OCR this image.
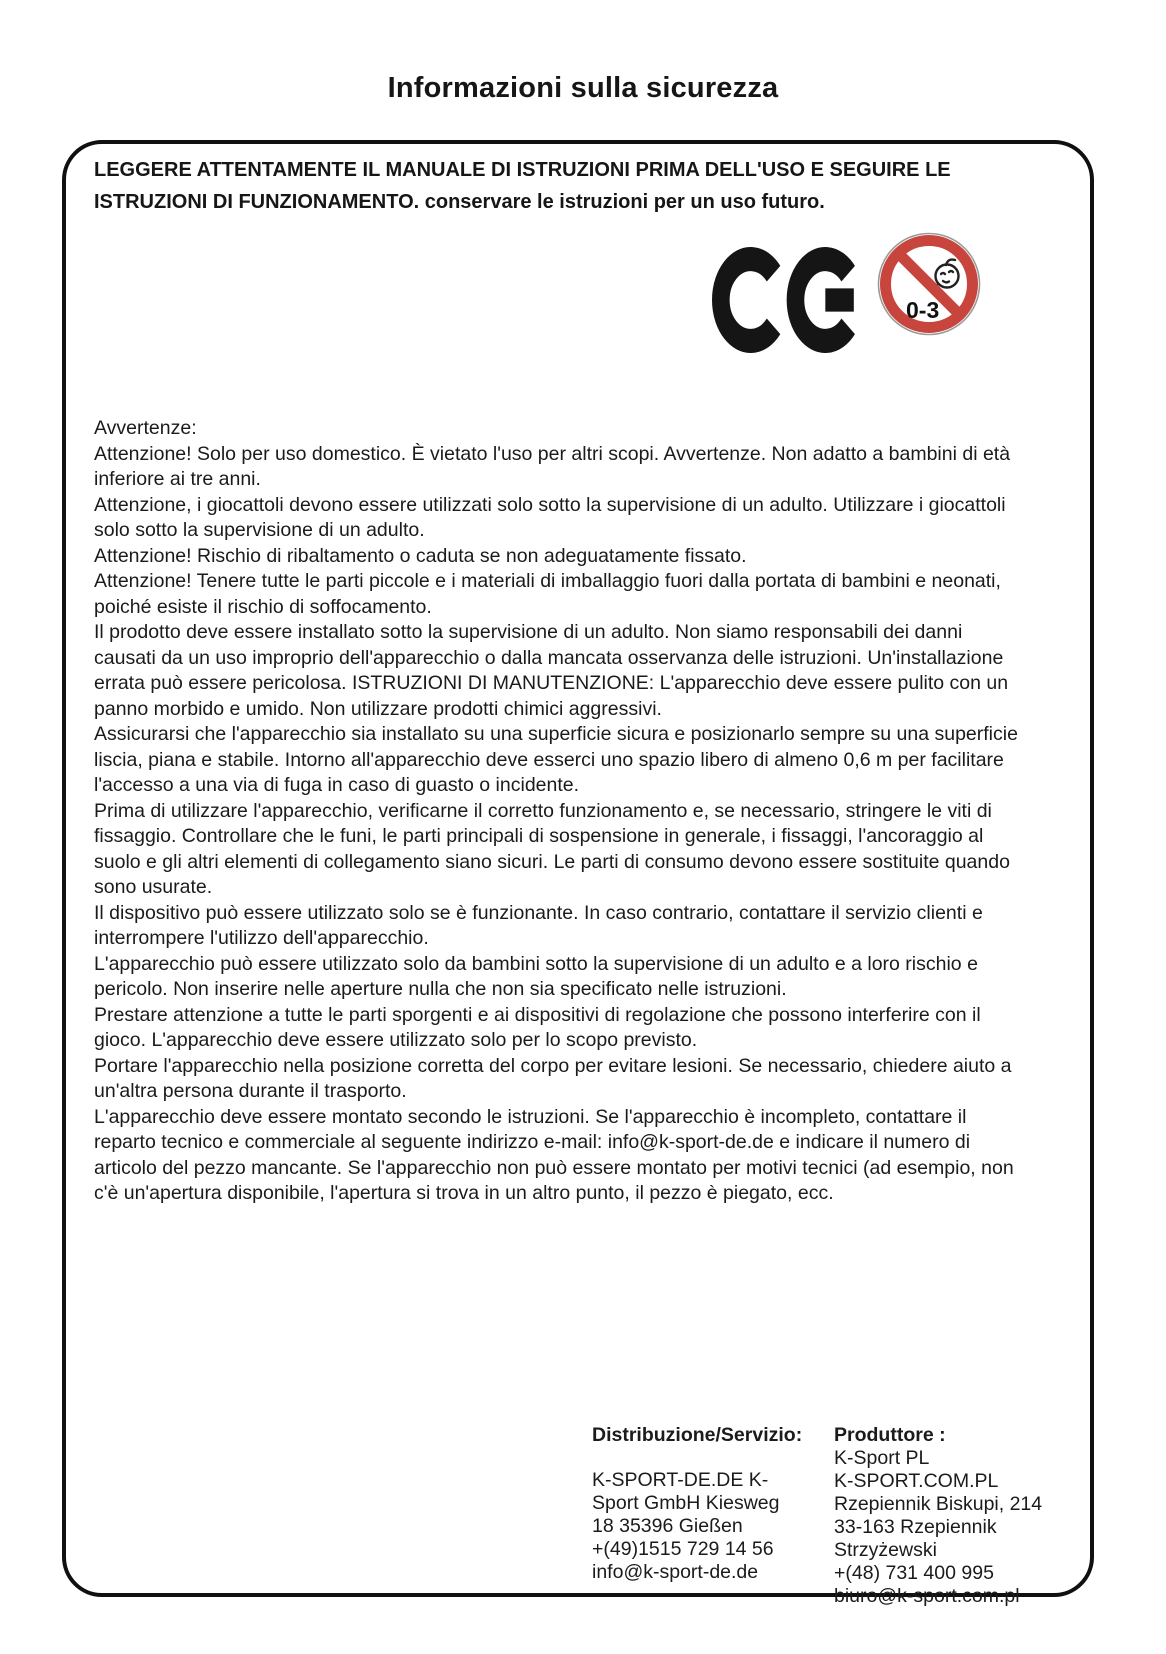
Informazioni sulla sicurezza
LEGGERE ATTENTAMENTE IL MANUALE DI ISTRUZIONI PRIMA DELL'USO E SEGUIRE LE ISTRUZIONI DI FUNZIONAMENTO. conservare le istruzioni per un uso futuro.
0-3
Avvertenze:
Attenzione! Solo per uso domestico. È vietato l'uso per altri scopi. Avvertenze. Non adatto a bambini di età inferiore ai tre anni.
Attenzione, i giocattoli devono essere utilizzati solo sotto la supervisione di un adulto. Utilizzare i giocattoli solo sotto la supervisione di un adulto.
Attenzione! Rischio di ribaltamento o caduta se non adeguatamente fissato.
Attenzione! Tenere tutte le parti piccole e i materiali di imballaggio fuori dalla portata di bambini e neonati, poiché esiste il rischio di soffocamento.
Il prodotto deve essere installato sotto la supervisione di un adulto. Non siamo responsabili dei danni causati da un uso improprio dell'apparecchio o dalla mancata osservanza delle istruzioni. Un'installazione errata può essere pericolosa. ISTRUZIONI DI MANUTENZIONE: L'apparecchio deve essere pulito con un panno morbido e umido. Non utilizzare prodotti chimici aggressivi.
Assicurarsi che l'apparecchio sia installato su una superficie sicura e posizionarlo sempre su una superficie liscia, piana e stabile. Intorno all'apparecchio deve esserci uno spazio libero di almeno 0,6 m per facilitare l'accesso a una via di fuga in caso di guasto o incidente.
Prima di utilizzare l'apparecchio, verificarne il corretto funzionamento e, se necessario, stringere le viti di fissaggio. Controllare che le funi, le parti principali di sospensione in generale, i fissaggi, l'ancoraggio al suolo e gli altri elementi di collegamento siano sicuri. Le parti di consumo devono essere sostituite quando sono usurate.
Il dispositivo può essere utilizzato solo se è funzionante. In caso contrario, contattare il servizio clienti e interrompere l'utilizzo dell'apparecchio.
L'apparecchio può essere utilizzato solo da bambini sotto la supervisione di un adulto e a loro rischio e pericolo. Non inserire nelle aperture nulla che non sia specificato nelle istruzioni.
Prestare attenzione a tutte le parti sporgenti e ai dispositivi di regolazione che possono interferire con il gioco. L'apparecchio deve essere utilizzato solo per lo scopo previsto.
Portare l'apparecchio nella posizione corretta del corpo per evitare lesioni. Se necessario, chiedere aiuto a un'altra persona durante il trasporto.
L'apparecchio deve essere montato secondo le istruzioni. Se l'apparecchio è incompleto, contattare il reparto tecnico e commerciale al seguente indirizzo e-mail: info@k-sport-de.de e indicare il numero di articolo del pezzo mancante. Se l'apparecchio non può essere montato per motivi tecnici (ad esempio, non c'è un'apertura disponibile, l'apertura si trova in un altro punto, il pezzo è piegato, ecc.
Distribuzione/Servizio:
K-SPORT-DE.DE K-
Sport GmbH Kiesweg
18 35396 Gießen
+(49)1515 729 14 56
info@k-sport-de.de
Produttore :
K-Sport PL
K-SPORT.COM.PL
Rzepiennik Biskupi, 214
33-163 Rzepiennik
Strzyżewski
+(48) 731 400 995
biuro@k-sport.com.pl
